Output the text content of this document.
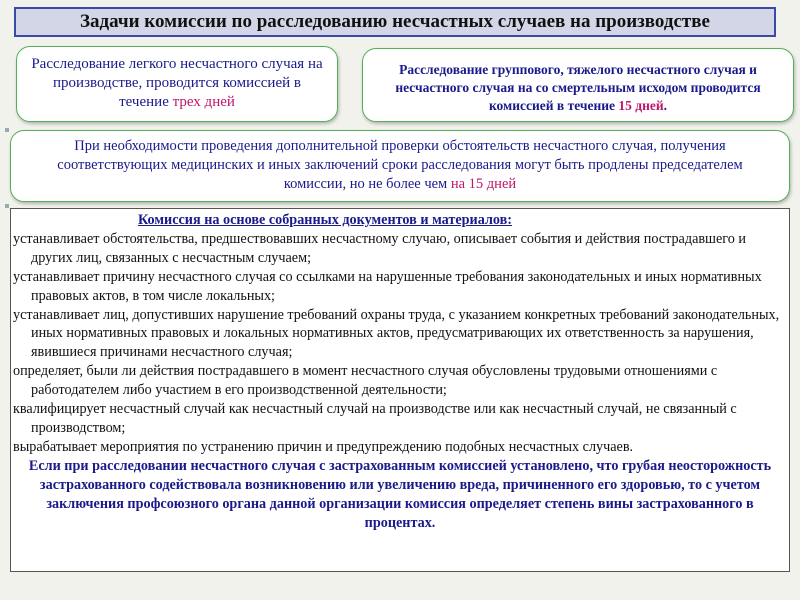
Задачи комиссии по расследованию несчастных случаев на производстве
Расследование легкого несчастного случая на производстве, проводится комиссией в течение трех дней
Расследование группового, тяжелого несчастного случая и несчастного случая на со смертельным исходом проводится комиссией в течение 15 дней.
При необходимости проведения дополнительной проверки обстоятельств несчастного случая, получения соответствующих медицинских и иных заключений сроки расследования могут быть продлены председателем комиссии, но не более чем на 15 дней
Комиссия на основе собранных документов и материалов:

устанавливает обстоятельства, предшествовавших несчастному случаю, описывает события и действия пострадавшего и других лиц, связанных с несчастным случаем;

устанавливает причину несчастного случая со ссылками на нарушенные требования законодательных и иных нормативных правовых актов, в том числе локальных;

устанавливает лиц, допустивших нарушение требований охраны труда, с указанием конкретных требований законодательных, иных нормативных правовых и локальных нормативных актов, предусматривающих их ответственность за нарушения, явившиеся причинами несчастного случая;

определяет, были ли действия пострадавшего в момент несчастного случая обусловлены трудовыми отношениями с работодателем либо участием в его производственной деятельности;

квалифицирует несчастный случай как несчастный случай на производстве или как несчастный случай, не связанный с производством;

вырабатывает мероприятия по устранению причин и предупреждению подобных несчастных случаев.

Если при расследовании несчастного случая с застрахованным комиссией установлено, что грубая неосторожность застрахованного содействовала возникновению или увеличению вреда, причиненного его здоровью, то с учетом заключения профсоюзного органа данной организации комиссия определяет степень вины застрахованного в процентах.
